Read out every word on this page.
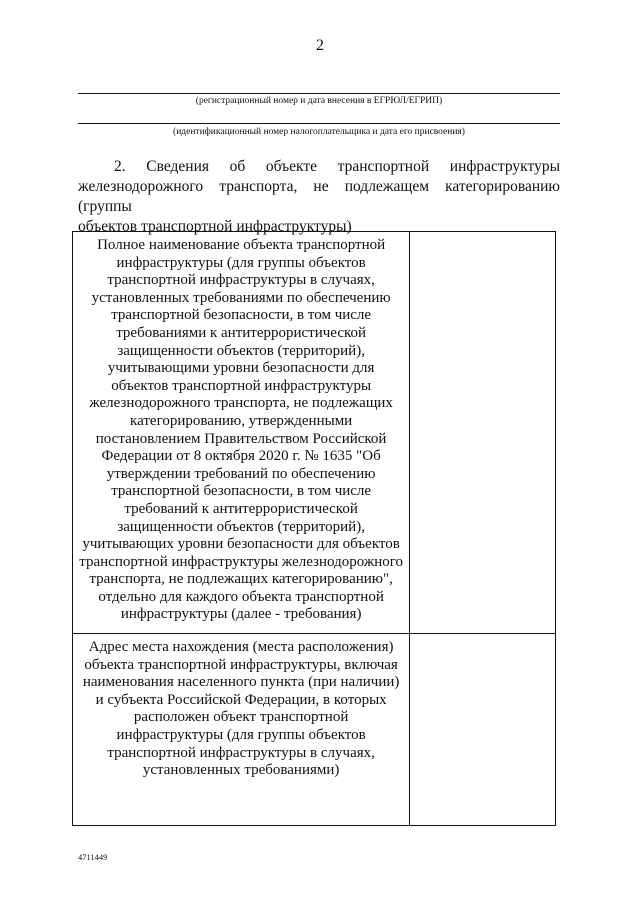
2
(регистрационный номер и дата внесения в ЕГРЮЛ/ЕГРИП)
(идентификационный номер налогоплательщика и дата его присвоения)
2. Сведения об объекте транспортной инфраструктуры железнодорожного транспорта, не подлежащем категорированию (группы
объектов транспортной инфраструктуры)
Полное наименование объекта транспортной инфраструктуры (для группы объектов транспортной инфраструктуры в случаях, установленных требованиями по обеспечению транспортной безопасности, в том числе требованиями к антитеррористической защищенности объектов (территорий), учитывающими уровни безопасности для объектов транспортной инфраструктуры железнодорожного транспорта, не подлежащих категорированию, утвержденными постановлением Правительством Российской Федерации от 8 октября 2020 г. № 1635 "Об утверждении требований по обеспечению транспортной безопасности, в том числе требований к антитеррористической защищенности объектов (территорий), учитывающих уровни безопасности для объектов транспортной инфраструктуры железнодорожного транспорта, не подлежащих категорированию", отдельно для каждого объекта транспортной инфраструктуры (далее - требования)	

Адрес места нахождения (места расположения) объекта транспортной инфраструктуры, включая наименования населенного пункта (при наличии) и субъекта Российской Федерации, в которых расположен объект транспортной инфраструктуры (для группы объектов транспортной инфраструктуры в случаях, установленных требованиями)	

4711449
